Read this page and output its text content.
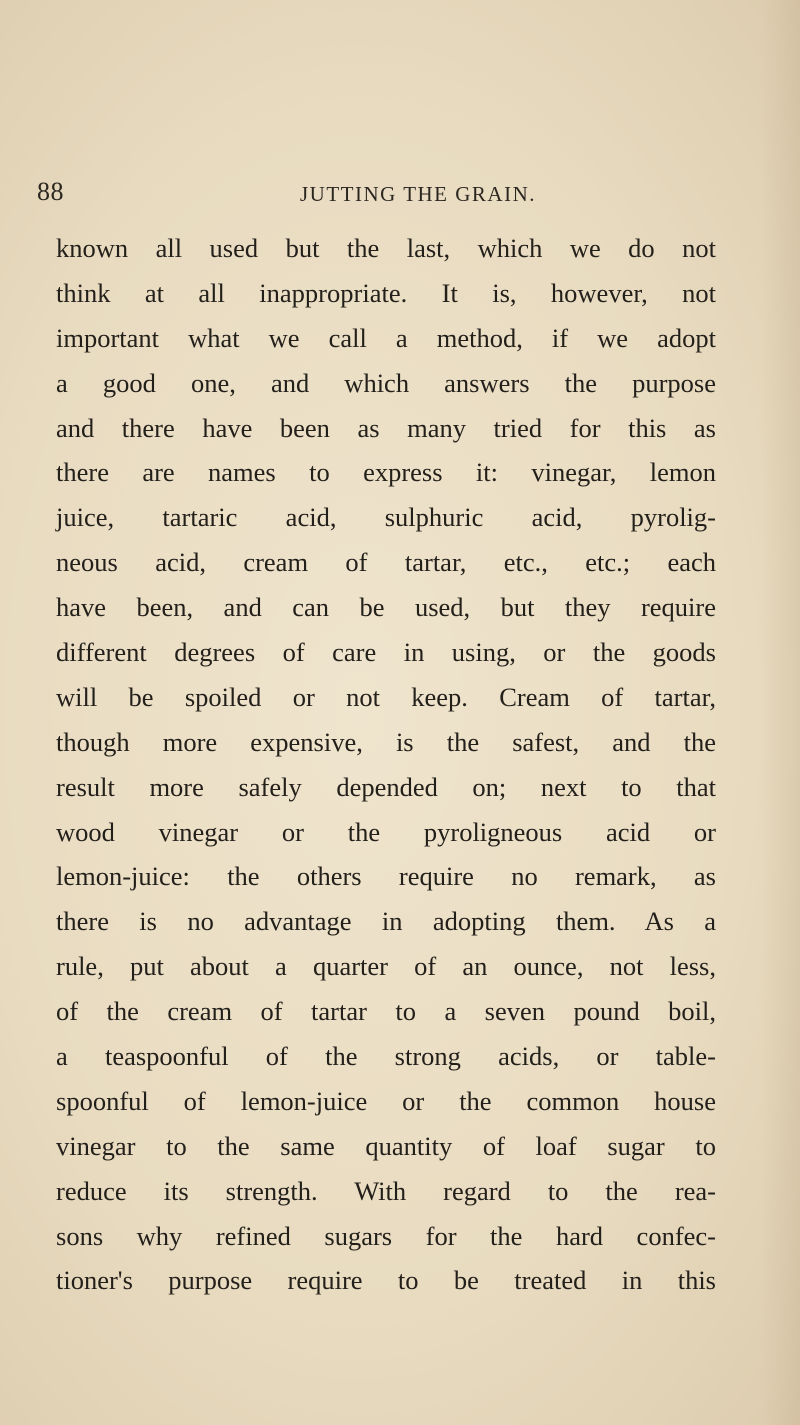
88	JUTTING THE GRAIN.
known all used but the last, which we do not
think at all inappropriate. It is, however, not
important what we call a method, if we adopt
a good one, and which answers the purpose
and there have been as many tried for this as
there are names to express it: vinegar, lemon
juice, tartaric acid, sulphuric acid, pyrolig-
neous acid, cream of tartar, etc., etc.; each
have been, and can be used, but they require
different degrees of care in using, or the goods
will be spoiled or not keep. Cream of tartar,
though more expensive, is the safest, and the
result more safely depended on; next to that
wood vinegar or the pyroligneous acid or
lemon-juice: the others require no remark, as
there is no advantage in adopting them. As a
rule, put about a quarter of an ounce, not less,
of the cream of tartar to a seven pound boil,
a teaspoonful of the strong acids, or table-
spoonful of lemon-juice or the common house
vinegar to the same quantity of loaf sugar to
reduce its strength. With regard to the rea-
sons why refined sugars for the hard confec-
tioner's purpose require to be treated in this
